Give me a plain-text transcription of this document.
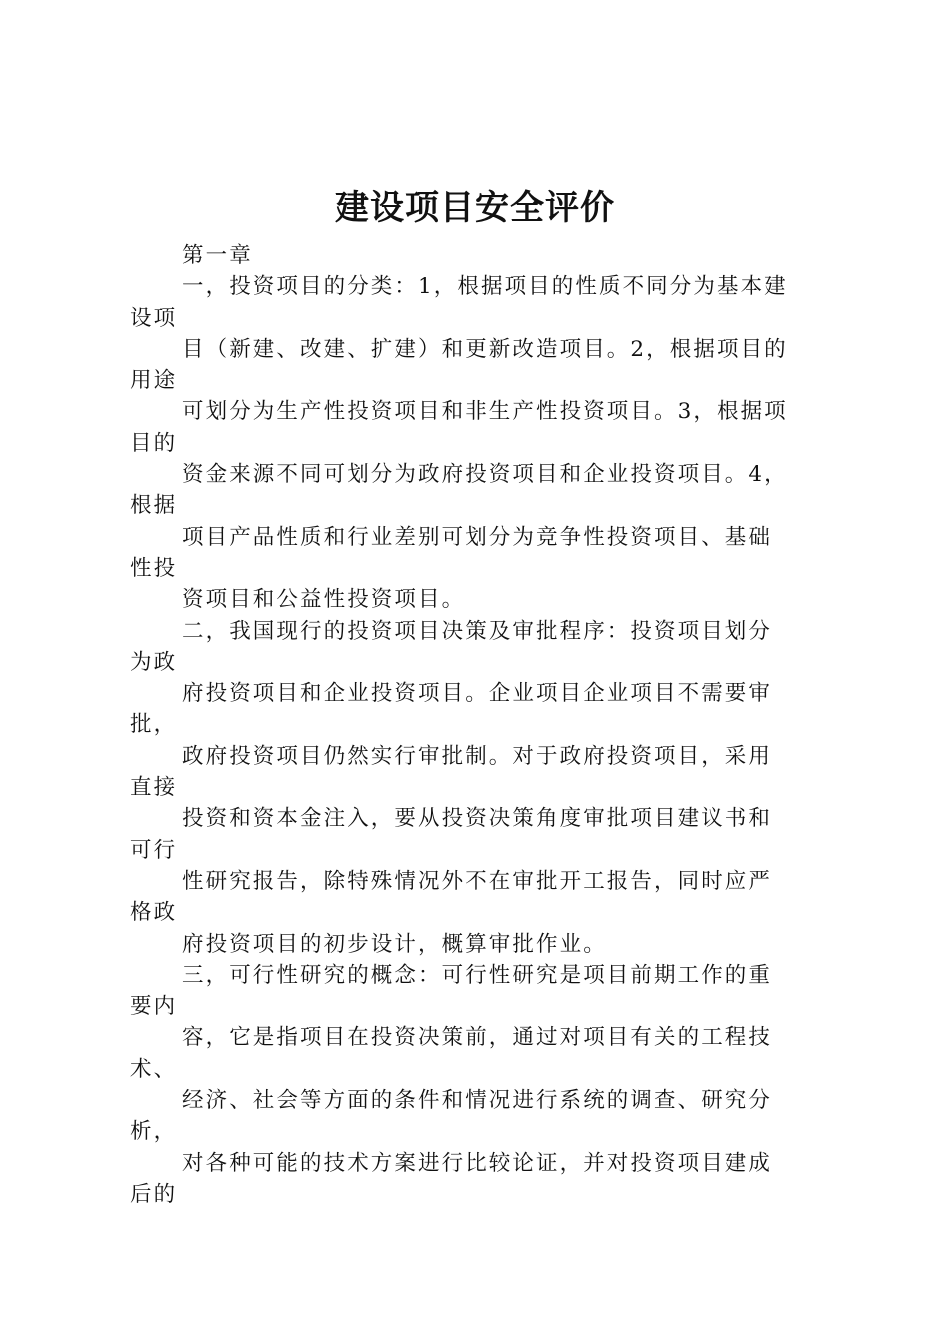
建设项目安全评价

第一章

一，投资项目的分类：1，根据项目的性质不同分为基本建

设项

目（新建、改建、扩建）和更新改造项目。2，根据项目的

用途

可划分为生产性投资项目和非生产性投资项目。3，根据项

目的

资金来源不同可划分为政府投资项目和企业投资项目。4，

根据

项目产品性质和行业差别可划分为竞争性投资项目、基础

性投

资项目和公益性投资项目。

二，我国现行的投资项目决策及审批程序：投资项目划分

为政

府投资项目和企业投资项目。企业项目企业项目不需要审

批，

政府投资项目仍然实行审批制。对于政府投资项目，采用

直接

投资和资本金注入，要从投资决策角度审批项目建议书和

可行

性研究报告，除特殊情况外不在审批开工报告，同时应严

格政

府投资项目的初步设计，概算审批作业。

三，可行性研究的概念：可行性研究是项目前期工作的重

要内

容，它是指项目在投资决策前，通过对项目有关的工程技

术、

经济、社会等方面的条件和情况进行系统的调查、研究分

析，

对各种可能的技术方案进行比较论证，并对投资项目建成

后的
